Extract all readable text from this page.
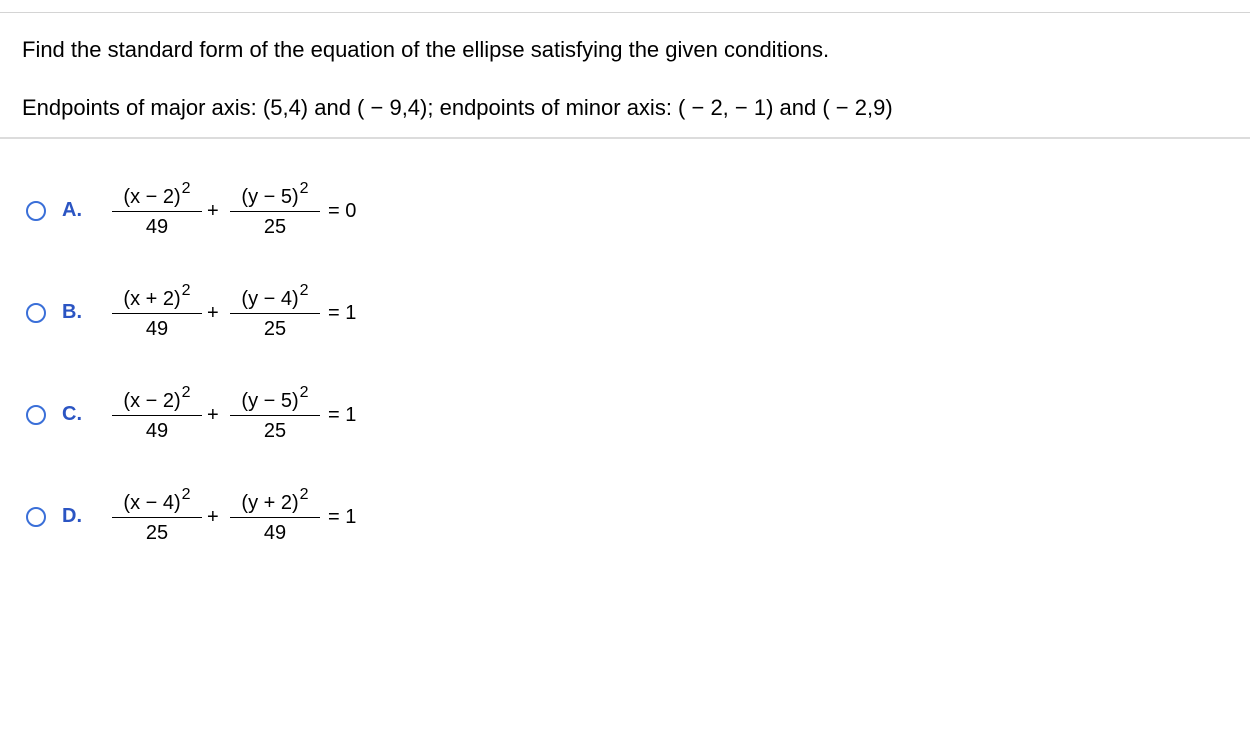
Find the standard form of the equation of the ellipse satisfying the given conditions.
Endpoints of major axis: (5,4) and ( − 9,4); endpoints of minor axis: ( − 2, − 1) and ( − 2,9)
A.
$(x - 2)^2$
49
+
$(y - 5)^2$
25
= 0
B.
$(x + 2)^2$
49
+
$(y - 4)^2$
25
= 1
C.
$(x - 2)^2$
49
+
$(y - 5)^2$
25
= 1
D.
$(x - 4)^2$
25
+
$(y + 2)^2$
49
= 1
